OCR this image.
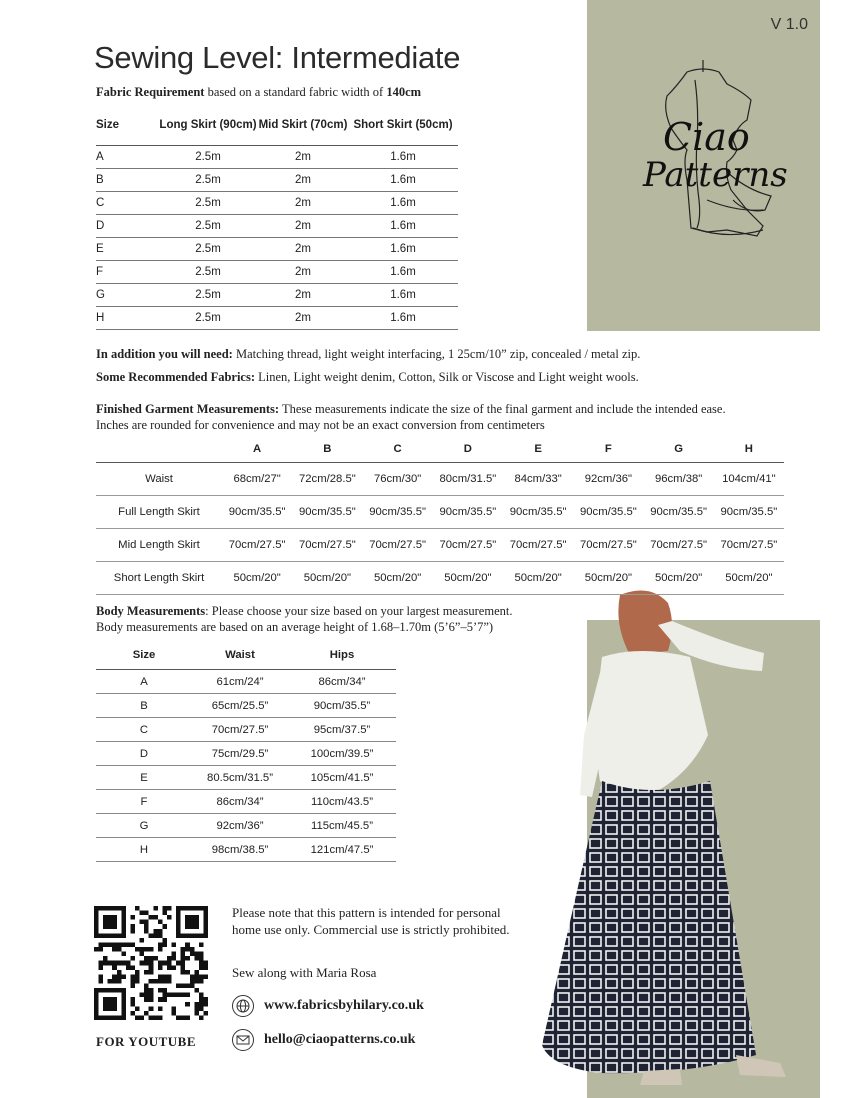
Ciao
Patterns
V 1.0
Sewing Level: Intermediate
Fabric Requirement based on a standard fabric width of 140cm
Size	Long Skirt (90cm)	Mid Skirt (70cm)	Short Skirt (50cm)
A	2.5m	2m	1.6m
B	2.5m	2m	1.6m
C	2.5m	2m	1.6m
D	2.5m	2m	1.6m
E	2.5m	2m	1.6m
F	2.5m	2m	1.6m
G	2.5m	2m	1.6m
H	2.5m	2m	1.6m
In addition you will need: Matching thread, light weight interfacing, 1 25cm/10” zip, concealed / metal zip.
Some Recommended Fabrics: Linen, Light weight denim, Cotton, Silk or Viscose and Light weight wools.
Finished Garment Measurements: These measurements indicate the size of the final garment and include the intended ease. Inches are rounded for convenience and may not be an exact conversion from centimeters
	A	B	C	D	E	F	G	H
Waist	68cm/27"	72cm/28.5"	76cm/30"	80cm/31.5"	84cm/33"	92cm/36"	96cm/38"	104cm/41"
Full Length Skirt	90cm/35.5"	90cm/35.5"	90cm/35.5"	90cm/35.5"	90cm/35.5"	90cm/35.5"	90cm/35.5"	90cm/35.5"
Mid Length Skirt	70cm/27.5"	70cm/27.5"	70cm/27.5"	70cm/27.5"	70cm/27.5"	70cm/27.5"	70cm/27.5"	70cm/27.5"
Short Length Skirt	50cm/20"	50cm/20"	50cm/20"	50cm/20"	50cm/20"	50cm/20"	50cm/20"	50cm/20"
Body Measurements: Please choose your size based on your largest measurement.
Body measurements are based on an average height of 1.68–1.70m (5’6”–5’7”)
Size	Waist	Hips
A	61cm/24”	86cm/34”
B	65cm/25.5”	90cm/35.5”
C	70cm/27.5”	95cm/37.5”
D	75cm/29.5”	100cm/39.5”
E	80.5cm/31.5”	105cm/41.5”
F	86cm/34”	110cm/43.5”
G	92cm/36”	115cm/45.5”
H	98cm/38.5”	121cm/47.5”
FOR YOUTUBE
Please note that this pattern is intended for personal home use only. Commercial use is strictly prohibited.
Sew along with Maria Rosa
www.fabricsbyhilary.co.uk
hello@ciaopatterns.co.uk
